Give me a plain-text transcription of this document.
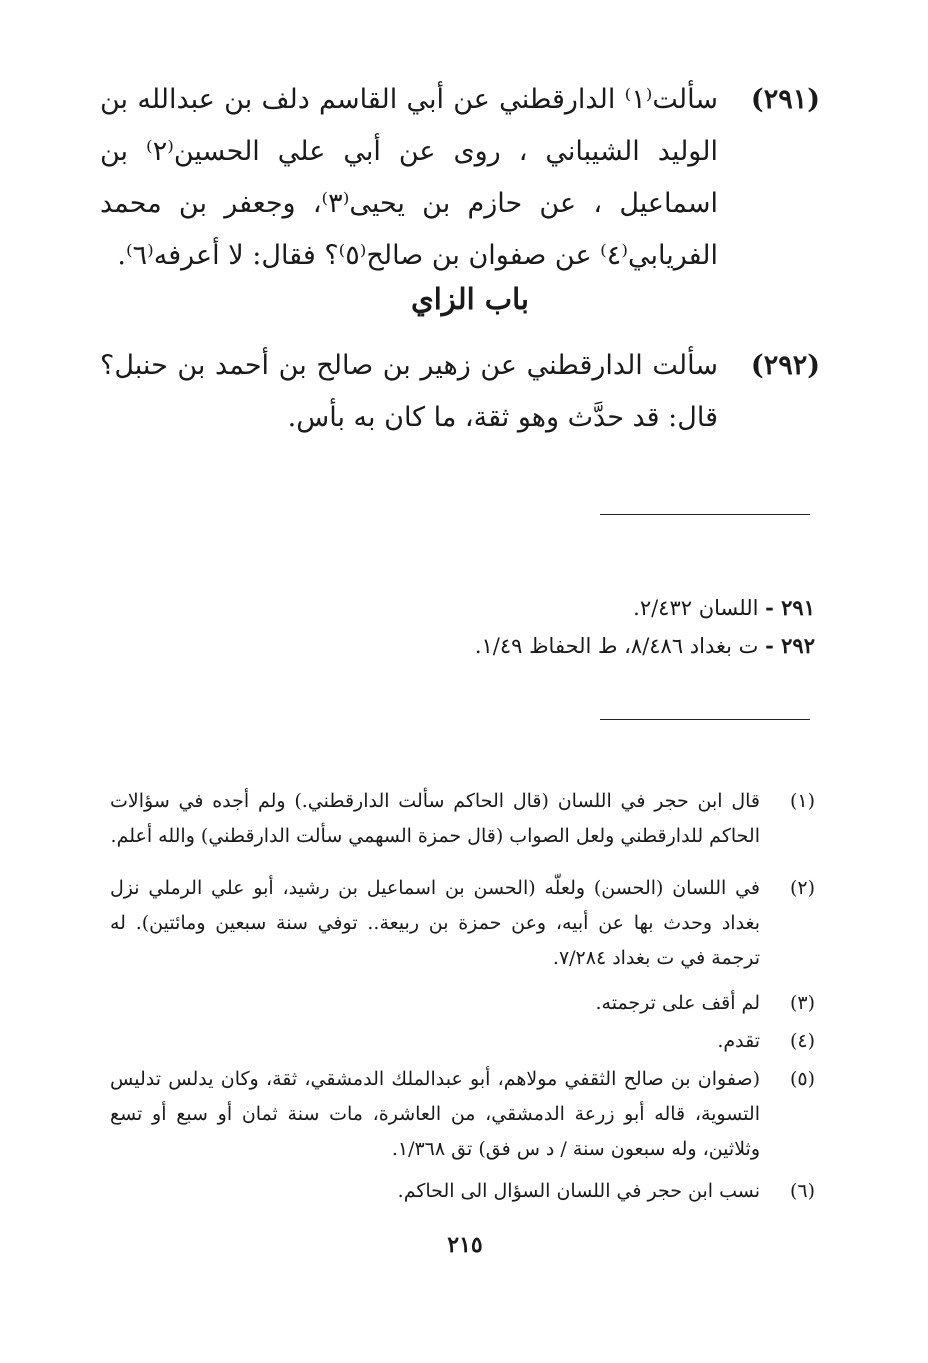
(٢٩١)
سألت⁽١⁾ الدارقطني عن أبي القاسم دلف بن عبدالله بن الوليد الشيباني ، روى عن أبي علي الحسين⁽٢⁾ بن اسماعيل ، عن حازم بن يحيى⁽٣⁾، وجعفر بن محمد الفريابي⁽٤⁾ عن صفوان بن صالح⁽٥⁾؟ فقال: لا أعرفه⁽٦⁾.
باب الزاي
(٢٩٢)
سألت الدارقطني عن زهير بن صالح بن أحمد بن حنبل؟ قال: قد حدَّث وهو ثقة، ما كان به بأس.
٢٩١ - اللسان ٢/٤٣٢.
٢٩٢ - ت بغداد ٨/٤٨٦، ط الحفاظ ١/٤٩.
(١)
قال ابن حجر في اللسان (قال الحاكم سألت الدارقطني.) ولم أجده في سؤالات الحاكم للدارقطني ولعل الصواب (قال حمزة السهمي سألت الدارقطني) والله أعلم.
(٢)
في اللسان (الحسن) ولعلّه (الحسن بن اسماعيل بن رشيد، أبو علي الرملي نزل بغداد وحدث بها عن أبيه، وعن حمزة بن ربيعة.. توفي سنة سبعين ومائتين). له ترجمة في ت بغداد ٧/٢٨٤.
(٣)
لم أقف على ترجمته.
(٤)
تقدم.
(٥)
(صفوان بن صالح الثقفي مولاهم، أبو عبدالملك الدمشقي، ثقة، وكان يدلس تدليس التسوية، قاله أبو زرعة الدمشقي، من العاشرة، مات سنة ثمان أو سبع أو تسع وثلاثين، وله سبعون سنة / د س فق) تق ١/٣٦٨.
(٦)
نسب ابن حجر في اللسان السؤال الى الحاكم.
٢١٥
